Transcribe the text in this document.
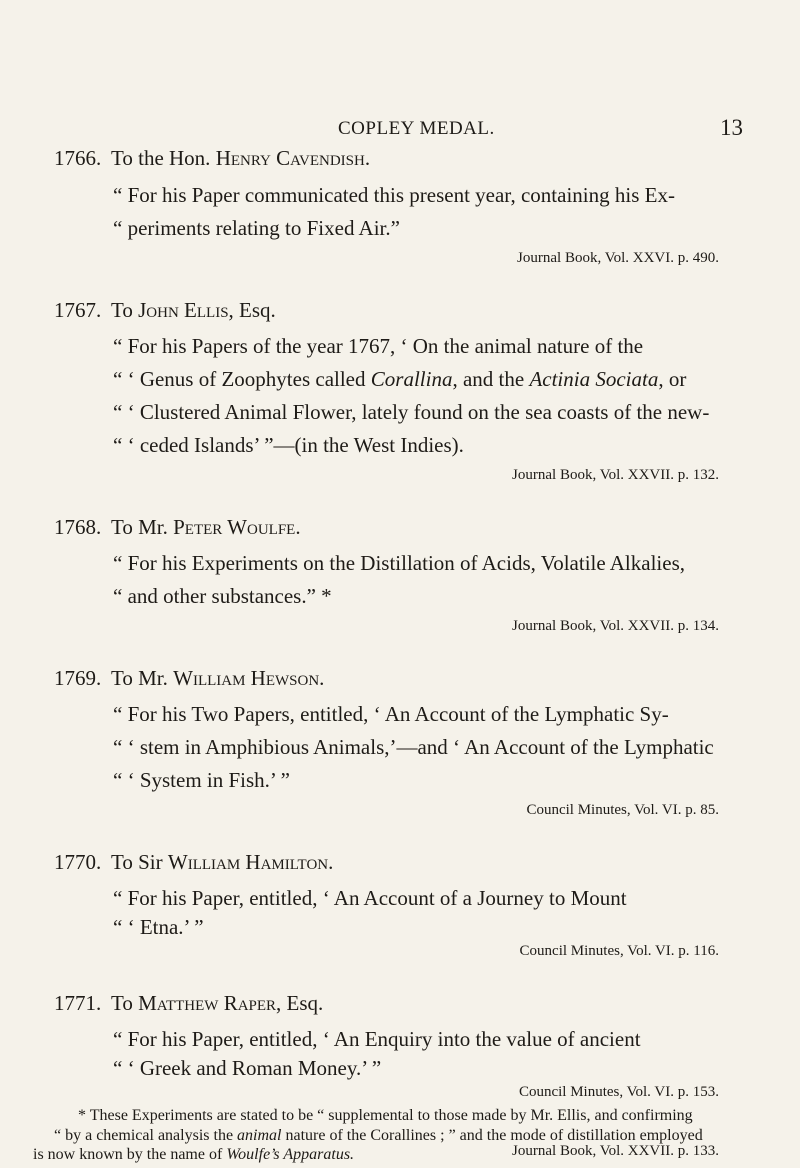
COPLEY MEDAL.	13
1766. To the Hon. Henry Cavendish.
“ For his Paper communicated this present year, containing his Ex-
“ periments relating to Fixed Air.”
Journal Book, Vol. XXVI. p. 490.
1767. To John Ellis, Esq.
“ For his Papers of the year 1767, ‘ On the animal nature of the
“ ‘ Genus of Zoophytes called Corallina, and the Actinia Sociata, or
“ ‘ Clustered Animal Flower, lately found on the sea coasts of the new-
“ ‘ ceded Islands’ ”—(in the West Indies).
Journal Book, Vol. XXVII. p. 132.
1768. To Mr. Peter Woulfe.
“ For his Experiments on the Distillation of Acids, Volatile Alkalies,
“ and other substances.” *
Journal Book, Vol. XXVII. p. 134.
1769. To Mr. William Hewson.
“ For his Two Papers, entitled, ‘ An Account of the Lymphatic Sy-
“ ‘ stem in Amphibious Animals,’—and ‘ An Account of the Lymphatic
“ ‘ System in Fish.’ ”
Council Minutes, Vol. VI. p. 85.
1770. To Sir William Hamilton.
“ For his Paper, entitled, ‘ An Account of a Journey to Mount
“ ‘ Etna.’ ”
Council Minutes, Vol. VI. p. 116.
1771. To Matthew Raper, Esq.
“ For his Paper, entitled, ‘ An Enquiry into the value of ancient
“ ‘ Greek and Roman Money.’ ”
Council Minutes, Vol. VI. p. 153.
* These Experiments are stated to be “ supplemental to those made by Mr. Ellis, and confirming
“ by a chemical analysis the animal nature of the Corallines ; ” and the mode of distillation employed
is now known by the name of Woulfe’s Apparatus.	Journal Book, Vol. XXVII. p. 133.
